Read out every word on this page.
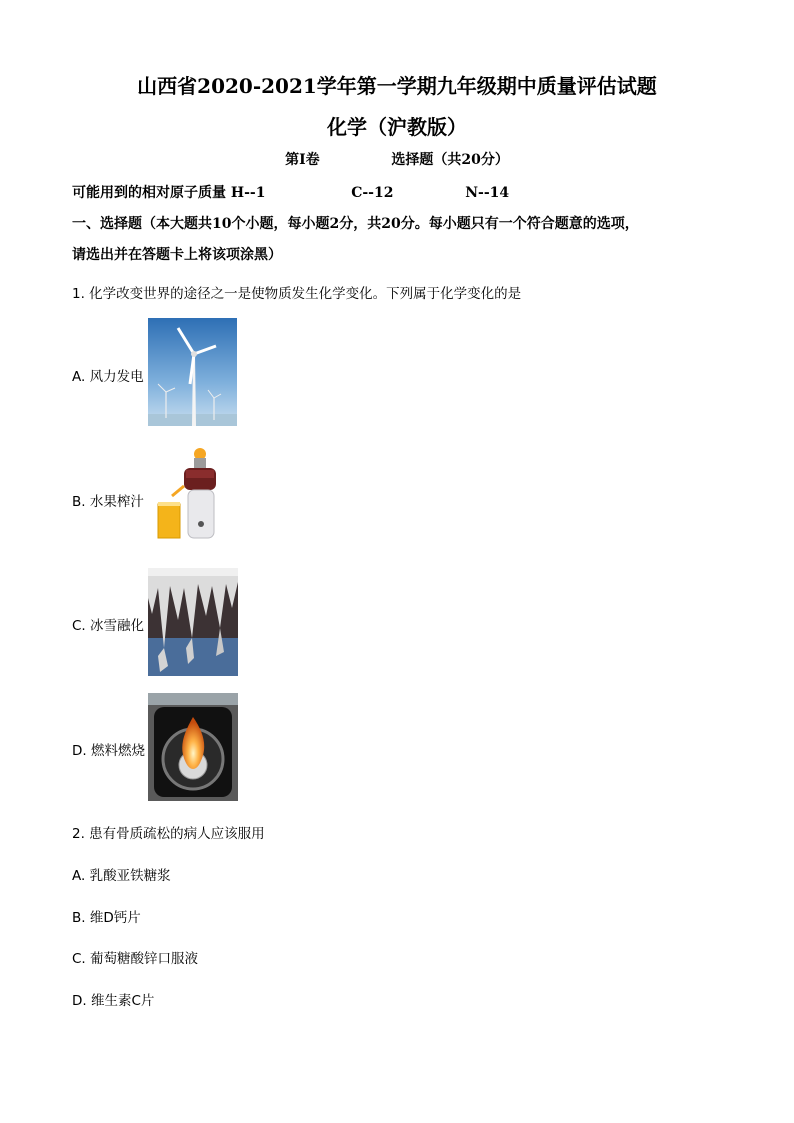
山西省2020-2021学年第一学期九年级期中质量评估试题
化学（沪教版）
第Ⅰ卷	选择题（共20分）
可能用到的相对原子质量 H--1	C--12	N--14
一、选择题（本大题共10个小题，每小题2分，共20分。每小题只有一个符合题意的选项，
请选出并在答题卡上将该项涂黑）
1. 化学改变世界的途径之一是使物质发生化学变化。下列属于化学变化的是
A. 风力发电
B. 水果榨汁
C. 冰雪融化
D. 燃料燃烧
2. 患有骨质疏松的病人应该服用
A. 乳酸亚铁糖浆
B. 维D钙片
C. 葡萄糖酸锌口服液
D. 维生素C片
